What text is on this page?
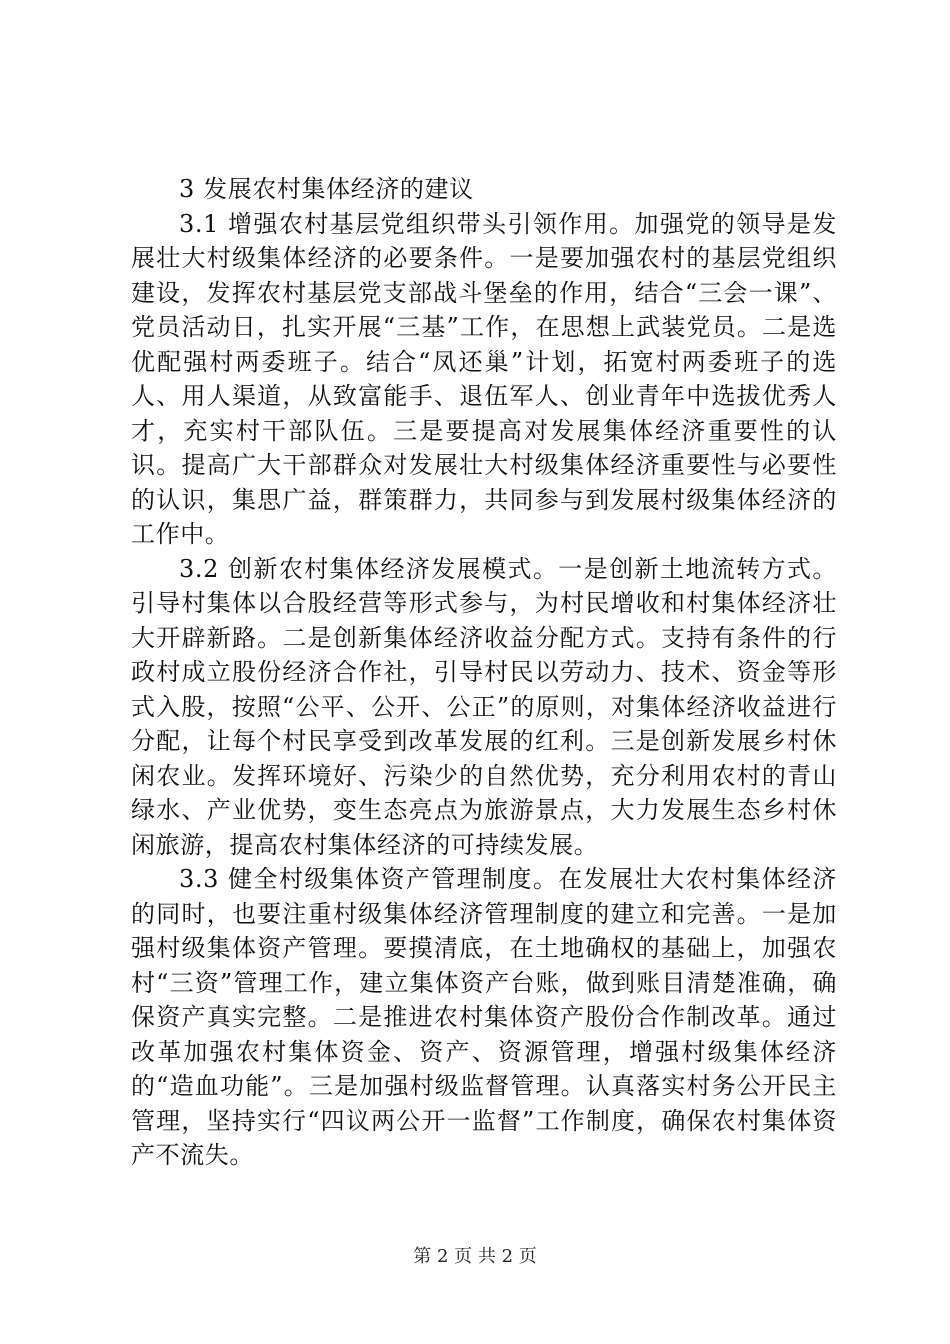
3 发展农村集体经济的建议

3.1 增强农村基层党组织带头引领作用。加强党的领导是发展壮大村级集体经济的必要条件。一是要加强农村的基层党组织建设，发挥农村基层党支部战斗堡垒的作用，结合“三会一课”、党员活动日，扎实开展“三基”工作，在思想上武装党员。二是选优配强村两委班子。结合“凤还巢”计划，拓宽村两委班子的选人、用人渠道，从致富能手、退伍军人、创业青年中选拔优秀人才，充实村干部队伍。三是要提高对发展集体经济重要性的认识。提高广大干部群众对发展壮大村级集体经济重要性与必要性的认识，集思广益，群策群力，共同参与到发展村级集体经济的工作中。

3.2 创新农村集体经济发展模式。一是创新土地流转方式。引导村集体以合股经营等形式参与，为村民增收和村集体经济壮大开辟新路。二是创新集体经济收益分配方式。支持有条件的行政村成立股份经济合作社，引导村民以劳动力、技术、资金等形式入股，按照“公平、公开、公正”的原则，对集体经济收益进行分配，让每个村民享受到改革发展的红利。三是创新发展乡村休闲农业。发挥环境好、污染少的自然优势，充分利用农村的青山绿水、产业优势，变生态亮点为旅游景点，大力发展生态乡村休闲旅游，提高农村集体经济的可持续发展。

3.3 健全村级集体资产管理制度。在发展壮大农村集体经济的同时，也要注重村级集体经济管理制度的建立和完善。一是加强村级集体资产管理。要摸清底，在土地确权的基础上，加强农村“三资”管理工作，建立集体资产台账，做到账目清楚准确，确保资产真实完整。二是推进农村集体资产股份合作制改革。通过改革加强农村集体资金、资产、资源管理，增强村级集体经济的“造血功能”。三是加强村级监督管理。认真落实村务公开民主管理，坚持实行“四议两公开一监督”工作制度，确保农村集体资产不流失。

第 2 页 共 2 页
